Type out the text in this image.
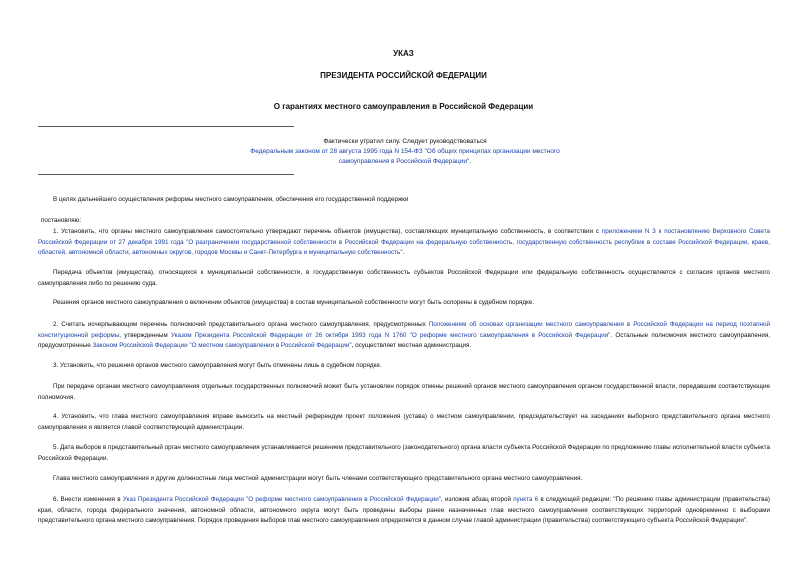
УКАЗ
ПРЕЗИДЕНТА РОССИЙСКОЙ ФЕДЕРАЦИИ
О гарантиях местного самоуправления в Российской Федерации
Фактически утратил силу. Следует руководствоваться
Федеральным законом от 28 августа 1995 года N 154-ФЗ "Об общих принципах организации местного самоуправления в Российской Федерации".
В целях дальнейшего осуществления реформы местного самоуправления, обеспечения его государственной поддержки
постановляю:
1. Установить, что органы местного самоуправления самостоятельно утверждают перечень объектов (имущества), составляющих муниципальную собственность, в соответствии с приложением N 3 к постановлению Верховного Совета Российской Федерации от 27 декабря 1991 года "О разграничении государственной собственности в Российской Федерации на федеральную собственность, государственную собственность республик в составе Российской Федерации, краев, областей, автономной области, автономных округов, городов Москвы и Санкт-Петербурга и муниципальную собственность".
Передача объектов (имущества), относящихся к муниципальной собственности, в государственную собственность субъектов Российской Федерации или федеральную собственность осуществляется с согласия органов местного самоуправления либо по решению суда.
Решения органов местного самоуправления о включении объектов (имущества) в состав муниципальной собственности могут быть оспорены в судебном порядке.
2. Считать исчерпывающим перечень полномочий представительного органа местного самоуправления, предусмотренных Положением об основах организации местного самоуправления в Российской Федерации на период поэтапной конституционной реформы, утвержденным Указом Президента Российской Федерации от 26 октября 1993 года N 1760 "О реформе местного самоуправления в Российской Федерации". Остальные полномочия местного самоуправления, предусмотренные Законом Российской Федерации "О местном самоуправлении в Российской Федерации", осуществляет местная администрация.
3. Установить, что решения органов местного самоуправления могут быть отменены лишь в судебном порядке.
При передаче органам местного самоуправления отдельных государственных полномочий может быть установлен порядок отмены решений органов местного самоуправления органом государственной власти, передавшим соответствующие полномочия.
4. Установить, что глава местного самоуправления вправе выносить на местный референдум проект положения (устава) о местном самоуправлении, председательствует на заседаниях выборного представительного органа местного самоуправления и является главой соответствующей администрации.
5. Дата выборов в представительный орган местного самоуправления устанавливается решением представительного (законодательного) органа власти субъекта Российской Федерации по предложению главы исполнительной власти субъекта Российской Федерации.
Глава местного самоуправления и другие должностные лица местной администрации могут быть членами соответствующего представительного органа местного самоуправления.
6. Внести изменения в Указ Президента Российской Федерации "О реформе местного самоуправления в Российской Федерации", изложив абзац второй пункта 6 в следующей редакции: "По решению главы администрации (правительства) края, области, города федерального значения, автономной области, автономного округа могут быть проведены выборы ранее назначенных глав местного самоуправления соответствующих территорий одновременно с выборами представительного органа местного самоуправления. Порядок проведения выборов глав местного самоуправления определяется в данном случае главой администрации (правительства) соответствующего субъекта Российской Федерации".
